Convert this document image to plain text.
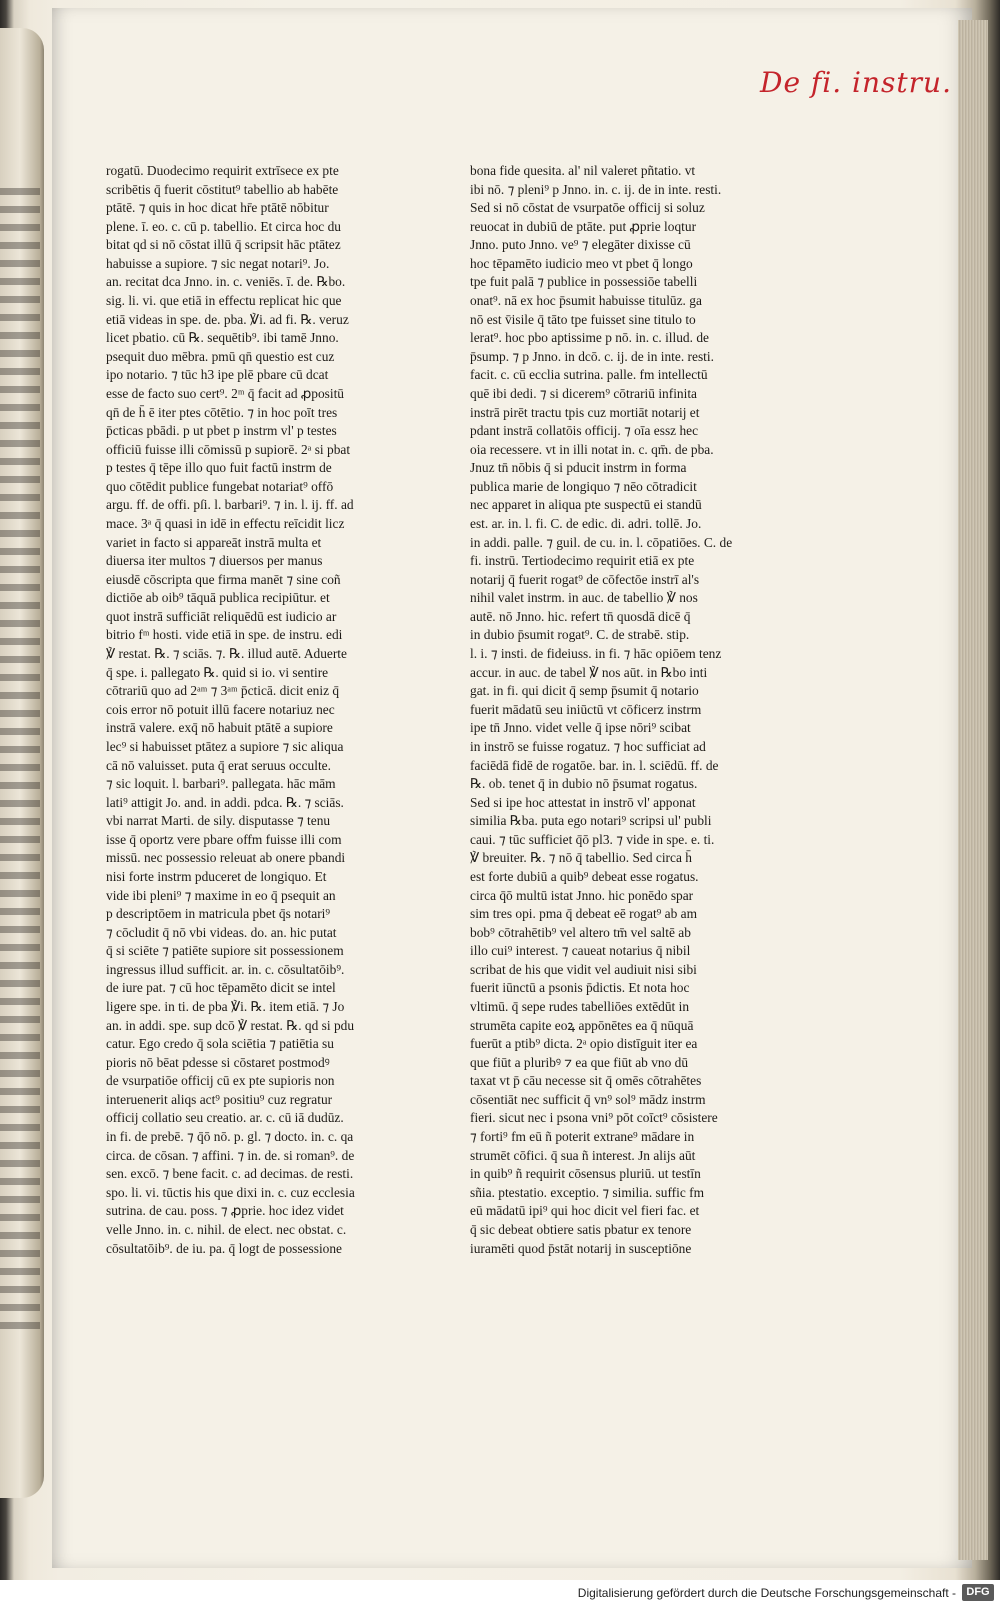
De fi. instru.
rogatū. Duodecimo requirit extrīsece ex pte
scribētis q̄ fuerit cōstitut⁹ tabellio ab habēte
ptātē. ⁊ quis in hoc dicat hr̄e ptātē nōbitur
plene. ī. eo. c. cū p. tabellio. Et circa hoc du
bitat qd si nō cōstat illū q̄ scripsit hāc ptātez
habuisse a supiore. ⁊ sic negat notari⁹. Jo.
an. recitat dca Jnno. in. c. veniēs. ī. de. ℞bo.
sig. li. vi. que etiā in effectu replicat hic que
etiā videas in spe. de. pba. ℣i. ad fi. ℞. veruz
licet pbatio. cū ℞. sequētib⁹. ibi tamē Jnno.
psequit duo mēbra. pmū qn̄ questio est cuz
ipo notario. ⁊ tūc h3 ipe plē pbare cū dcat
esse de facto suo cert⁹. 2ᵐ q̄ facit ad ꝓpositū
qn̄ de h̄ ē iter ptes cōtētio. ⁊ in hoc poīt tres
p̄cticas pbādi. p ut pbet p instrm vl' p testes
officiū fuisse illi cōmissū p supiorē. 2ᵃ si pbat
p testes q̄ tēpe illo quo fuit factū instrm de
quo cōtēdit publice fungebat notariat⁹ offō
argu. ff. de offi. pſi. l. barbari⁹. ⁊ in. l. ij. ff. ad
mace. 3ᵃ q̄ quasi in idē in effectu reīcidit licz
variet in facto si appareāt instrā multa et
diuersa iter multos ⁊ diuersos per manus
eiusdē cōscripta que firma manēt ⁊ sine coñ
dictiōe ab oib⁹ tāquā publica recipiūtur. et
quot instrā sufficiāt reliquēdū est iudicio ar
bitrio fᵐ hosti. vide etiā in spe. de instru. edi
℣ restat. ℞. ⁊ sciās. ⁊. ℞. illud autē. Aduerte
q̄ spe. i. pallegato ℞. quid si io. vi sentire
cōtrariū quo ad 2ᵃᵐ ⁊ 3ᵃᵐ p̄cticā. dicit eniz q̄
cois error nō potuit illū facere notariuz nec
instrā valere. exq̄ nō habuit ptātē a supiore
lec⁹ si habuisset ptātez a supiore ⁊ sic aliqua
cā nō valuisset. puta q̄ erat seruus occulte.
⁊ sic loquit. l. barbari⁹. pallegata. hāc mām
lati⁹ attigit Jo. and. in addi. pdca. ℞. ⁊ sciās.
vbi narrat Marti. de sily. disputasse ⁊ tenu
isse q̄ oportz vere pbare offm fuisse illi com
missū. nec possessio releuat ab onere pbandi
nisi forte instrm pduceret de longiquo. Et
vide ibi pleni⁹ ⁊ maxime in eo q̄ psequit an
p descriptōem in matricula pbet q̄s notari⁹
⁊ cōcludit q̄ nō vbi videas. do. an. hic putat
q̄ si sciēte ⁊ patiēte supiore sit possessionem
ingressus illud sufficit. ar. in. c. cōsultatōib⁹.
de iure pat. ⁊ cū hoc tēpamēto dicit se intel
ligere spe. in ti. de pba ℣i. ℞. item etiā. ⁊ Jo
an. in addi. spe. sup dcō ℣ restat. ℞. qd si pdu
catur. Ego credo q̄ sola sciētia ⁊ patiētia su
pioris nō bēat pdesse si cōstaret postmodꝰ
de vsurpatiōe officij cū ex pte supioris non
interuenerit aliqs act⁹ positiu⁹ cuz regratur
officij collatio seu creatio. ar. c. cū iā dudūz.
in fi. de prebē. ⁊ q̄ō nō. p. gl. ⁊ docto. in. c. qa
circa. de cōsan. ⁊ affini. ⁊ in. de. si roman⁹. de
sen. excō. ⁊ bene facit. c. ad decimas. de resti.
spo. li. vi. tūctis his que dixi in. c. cuz ecclesia
sutrina. de cau. poss. ⁊ ꝓprie. hoc idez videt
velle Jnno. in. c. nihil. de elect. nec obstat. c.
cōsultatōib⁹. de iu. pa. q̄ logt de possessione
bona fide quesita. al' nil valeret pñtatio. vt
ibi nō. ⁊ pleni⁹ p Jnno. in. c. ij. de in inte. resti.
Sed si nō cōstat de vsurpatōe officij si soluz
reuocat in dubiū de ptāte. put ꝓprie loqtur
Jnno. puto Jnno. ve⁹ ⁊ elegāter dixisse cū
hoc tēpamēto iudicio meo vt pbet q̄ longo
tpe fuit palā ⁊ publice in possessiōe tabelli
onat⁹. nā ex hoc p̄sumit habuisse titulūz. ga
nō est v̄isile q̄ tāto tpe fuisset sine titulo to
lerat⁹. hoc pbo aptissime p nō. in. c. illud. de
p̄sump. ⁊ p Jnno. in dcō. c. ij. de in inte. resti.
facit. c. cū ecclia sutrina. palle. fm intellectū
quē ibi dedi. ⁊ si dicerem⁹ cōtrariū infinita
instrā pirēt tractu tpis cuz mortiāt notarij et
pdant instrā collatōis officij. ⁊ oīa essz hec
oia recessere. vt in illi notat in. c. qm̄. de pba.
Jnuz tn̄ nōbis q̄ si pducit instrm in forma
publica marie de longiquo ⁊ nēo cōtradicit
nec apparet in aliqua pte suspectū ei standū
est. ar. in. l. fi. C. de edic. di. adri. tollē. Jo.
in addi. palle. ⁊ guil. de cu. in. l. cōpatiōes. C. de
fi. instrū. Tertiodecimo requirit etiā ex pte
notarij q̄ fuerit rogat⁹ de cōfectōe instrī al's
nihil valet instrm. in auc. de tabellio ℣ nos
autē. nō Jnno. hic. refert tn̄ quosdā dicē q̄
in dubio p̄sumit rogat⁹. C. de strabē. stip.
l. i. ⁊ insti. de fideiuss. in fi. ⁊ hāc opiōem tenz
accur. in auc. de tabel ℣ nos aūt. in ℞bo inti
gat. in fi. qui dicit q̄ semp p̄sumit q̄ notario
fuerit mādatū seu iniūctū vt cōficerz instrm
ipe tn̄ Jnno. videt velle q̄ ipse nōri⁹ scibat
in instrō se fuisse rogatuz. ⁊ hoc sufficiat ad
faciēdā fidē de rogatōe. bar. in. l. sciēdū. ff. de
℞. ob. tenet q̄ in dubio nō p̄sumat rogatus.
Sed si ipe hoc attestat in instrō vl' apponat
similia ℞ba. puta ego notari⁹ scripsi ul' publi
caui. ⁊ tūc sufficiet q̄ō pl3. ⁊ vide in spe. e. ti.
℣ breuiter. ℞. ⁊ nō q̄ tabellio. Sed circa h̄
est forte dubiū a quib⁹ debeat esse rogatus.
circa q̄ō multū istat Jnno. hic ponēdo spar
sim tres opi. pma q̄ debeat eē rogat⁹ ab am
bob⁹ cōtrahētib⁹ vel altero tm̄ vel saltē ab
illo cui⁹ interest. ⁊ caueat notarius q̄ nibil
scribat de his que vidit vel audiuit nisi sibi
fuerit iūnctū a psonis p̄dictis. Et nota hoc
vltimū. q̄ sepe rudes tabelliōes extēdūt in
strumēta capite eoꝝ appōnētes ea q̄ nūquā
fuerūt a ptib⁹ dicta. 2ᵃ opio distīguit iter ea
que fiūt a pluribꝰ ⁊ ea que fiūt ab vno dū
taxat vt p̄ cāu necesse sit q̄ omēs cōtrahētes
cōsentiāt nec sufficit q̄ vn⁹ sol⁹ mādz instrm
fieri. sicut nec i psona vni⁹ pōt coīct⁹ cōsistere
⁊ forti⁹ fm eū ñ poterit extrane⁹ mādare in
strumēt cōfici. q̄ sua ñ interest. Jn alijs aūt
in quib⁹ ñ requirit cōsensus pluriū. ut testīn
sñia. ptestatio. exceptio. ⁊ similia. suffic fm
eū mādatū ipi⁹ qui hoc dicit vel fieri fac. et
q̄ sic debeat obtiere satis pbatur ex tenore
iuramēti quod p̄stāt notarij in susceptiōne
Digitalisierung gefördert durch die Deutsche Forschungsgemeinschaft - DFG
